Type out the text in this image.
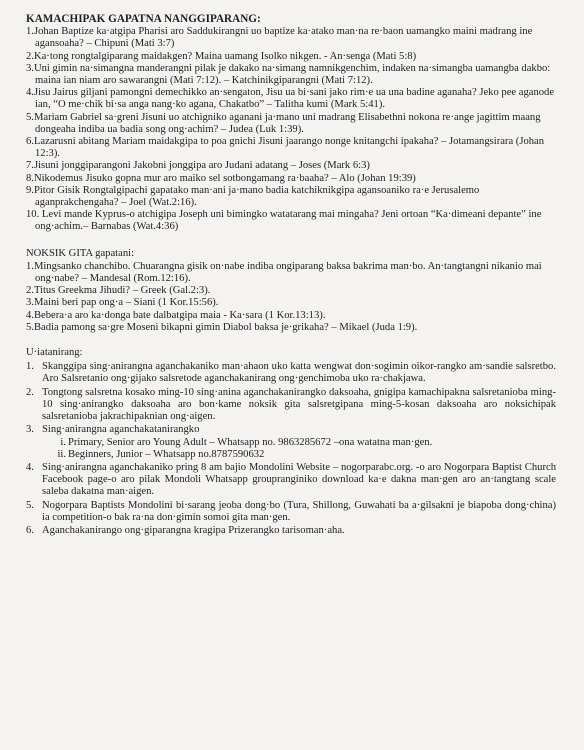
KAMACHIPAK GAPATNA NANGGIPARANG:
1.Johan Baptize ka·atgipa Pharisi aro Saddukirangni uo baptize ka·atako man·na re·baon uamangko maini madrang ine agansoaha? – Chipuni (Mati 3:7)
2.Ka·tong rongtalgiparang maidakgen? Maina uamang Isolko nikgen. - An·senga (Mati 5:8)
3.Uni gimin na·simangna manderangni pilak je dakako na·simang namnikgenchim, indaken na·simangba uamangba dakbo: maina ian niam aro sawarangni (Mati 7:12). – Katchinikgiparangni (Mati 7:12).
4.Jisu Jairus giljani pamongni demechikko an·sengaton, Jisu ua bi·sani jako rim·e ua una badine aganaha? Jeko pee aganode ian, “O me·chik bi·sa anga nang·ko agana, Chakatbo” – Talitha kumi (Mark 5:41).
5.Mariam Gabriel sa·greni Jisuni uo atchigniko aganani ja·mano uni madrang Elisabethni nokona re·ange jagittim maang dongeaha indiba ua badia song ong·achim? – Judea (Luk 1:39).
6.Lazarusni abitang Mariam maidakgipa to poa gnichi Jisuni jaarango nonge knitangchi ipakaha? – Jotamangsirara (Johan 12:3).
7.Jisuni jonggiparangoni Jakobni jonggipa aro Judani adatang – Joses (Mark 6:3)
8.Nikodemus Jisuko gopna mur aro maiko sel sotbongamang ra·baaha? – Alo (Johan 19:39)
9.Pitor Gisik Rongtalgipachi gapatako man·ani ja·mano badia katchiknikgipa agansoaniko ra·e Jerusalemo aganprakchengaha? – Joel (Wat.2:16).
10. Levi mande Kyprus-o atchigipa Joseph uni bimingko watatarang mai mingaha? Jeni ortoan “Ka·dimeani depante” ine ong·achim.– Barnabas (Wat.4:36)
NOKSIK GITA gapatani:
1.Mingsanko chanchibo. Chuarangna gisik on·nabe indiba ongiparang baksa bakrima man·bo. An·tangtangni nikanio mai ong·nabe? – Mandesal (Rom.12:16).
2.Titus Greekma Jihudi? – Greek (Gal.2:3).
3.Maini beri pap ong·a – Siani (1 Kor.15:56).
4.Bebera·a aro ka·donga bate dalbatgipa maia - Ka·sara (1 Kor.13:13).
5.Badia pamong sa·gre Moseni bikapni gimin Diabol baksa je·grikaha? – Mikael (Juda 1:9).
U·iatanirang:
1. Skanggipa sing·anirangna aganchakaniko man·ahaon uko katta wengwat don·sogimin oikor-rangko am·sandie salsretbo. Aro Salsretanio ong·gijako salsretode aganchakanirang ong·genchimoba uko ra·chakjawa.
2. Tongtong salsretna kosako ming-10 sing·anina aganchakanirangko daksoaha, gnigipa kamachipakna salsretanioba ming-10 sing·anirangko daksoaha aro bon·kame noksik gita salsretgipana ming-5-kosan daksoaha aro noksichipak salsretanioba jakrachipaknian ong·aigen.
3. Sing·anirangna aganchakatanirangko
i. Primary, Senior aro Young Adult – Whatsapp no. 9863285672 –ona watatna man·gen.
ii. Beginners, Junior – Whatsapp no.8787590632
4. Sing·anirangna aganchakaniko pring 8 am bajio Mondolini Website – nogorparabc.org. -o aro Nogorpara Baptist Church Facebook page-o aro pilak Mondoli Whatsapp groupranginiko download ka·e dakna man·gen aro an·tangtang scale saleba dakatna man·aigen.
5. Nogorpara Baptists Mondolini bi·sarang jeoba dong·bo (Tura, Shillong, Guwahati ba a·gilsakni je biapoba dong·china) ia competition-o bak ra·na don·gimin somoi gita man·gen.
6. Aganchakanirango ong·giparangna kragipa Prizerangko tarisoman·aha.
